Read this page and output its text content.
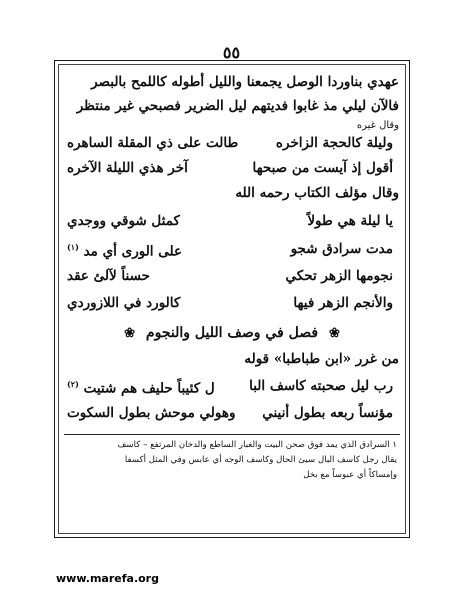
٥٥
عهدي بناوردا الوصل يجمعنا والليل أطوله كاللمح بالبصر
فالآن ليلي مذ غابوا فديتهم ليل الضرير فصبحي غير منتظر
وقال غيره
وليلة كالحجة الزاخره
طالت على ذي المقلة الساهره
أقول إذ آيست من صبحها
آخر هذي الليلة الآخره
وقال مؤلف الكتاب رحمه الله
يا ليلة هي طولاً
كمثل شوقي ووجدي
مدت سرادق شجو
على الورى أي مد $^{(١)}$
نجومها الزهر تحكي
حسناً لآلئ عقد
والأنجم الزهر فيها
كالورد في اللازوردي
❀ فصل في وصف الليل والنجوم ❀
من غرر «ابن طباطبا» قوله
رب ليل صحبته كاسف البا
ل كئيباً حليف هم شتيت $^{(٢)}$
مؤنساً ربعه بطول أنيني
وهولي موحش بطول السكوت
١ السرادق الذي يمد فوق صحن البيت والغبار الساطع والدخان المرتفع – كاسف
يقال رجل كاسف البال سيئ الحال وكاسف الوجه أي عابس وفي المثل أكسفا
وإمساكاً أي عبوساً مع بخل
www.marefa.org
